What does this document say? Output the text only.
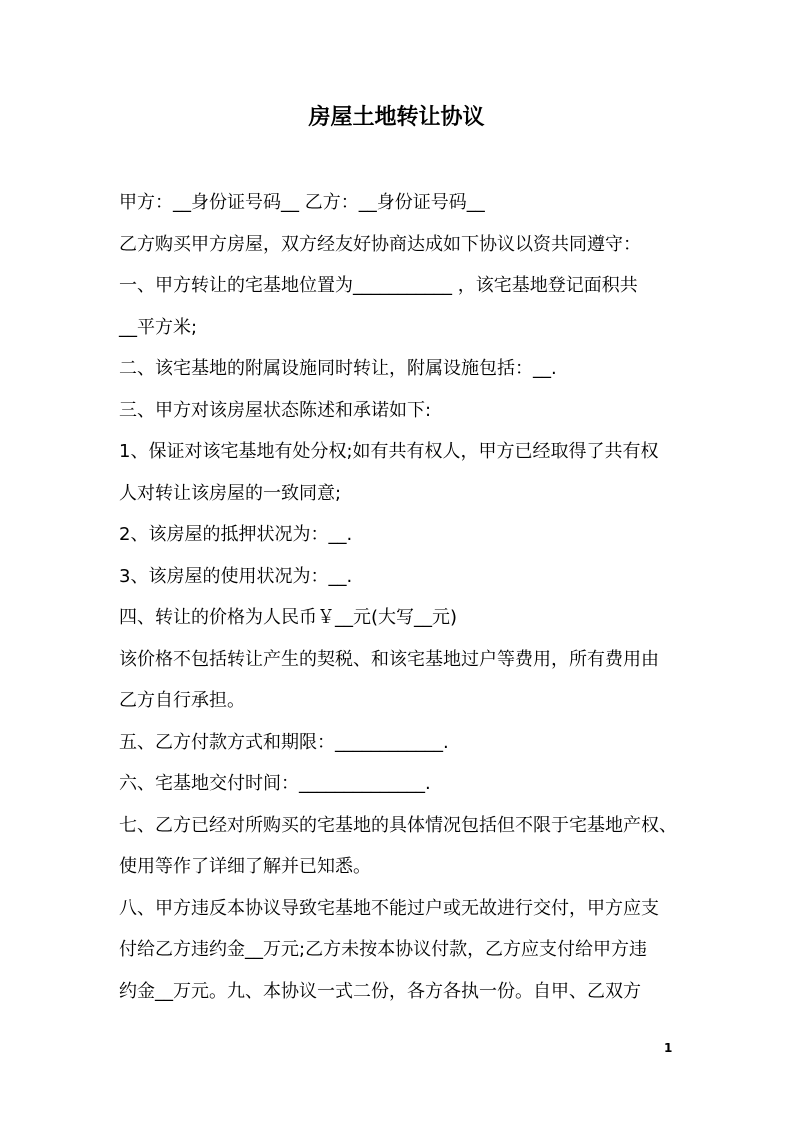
房屋土地转让协议

甲方：__身份证号码__ 乙方：__身份证号码__

乙方购买甲方房屋，双方经友好协商达成如下协议以资共同遵守：

一、甲方转让的宅基地位置为___________ ，该宅基地登记面积共

__平方米;

二、该宅基地的附属设施同时转让，附属设施包括：__.

三、甲方对该房屋状态陈述和承诺如下:

1、保证对该宅基地有处分权;如有共有权人，甲方已经取得了共有权

人对转让该房屋的一致同意;

2、该房屋的抵押状况为：__.

3、该房屋的使用状况为：__.

四、转让的价格为人民币￥__元(大写__元)

该价格不包括转让产生的契税、和该宅基地过户等费用，所有费用由

乙方自行承担。

五、乙方付款方式和期限：____________.

六、宅基地交付时间：______________.

七、乙方已经对所购买的宅基地的具体情况包括但不限于宅基地产权、

使用等作了详细了解并已知悉。

八、甲方违反本协议导致宅基地不能过户或无故进行交付，甲方应支

付给乙方违约金__万元;乙方未按本协议付款，乙方应支付给甲方违

约金__万元。九、本协议一式二份，各方各执一份。自甲、乙双方

1
